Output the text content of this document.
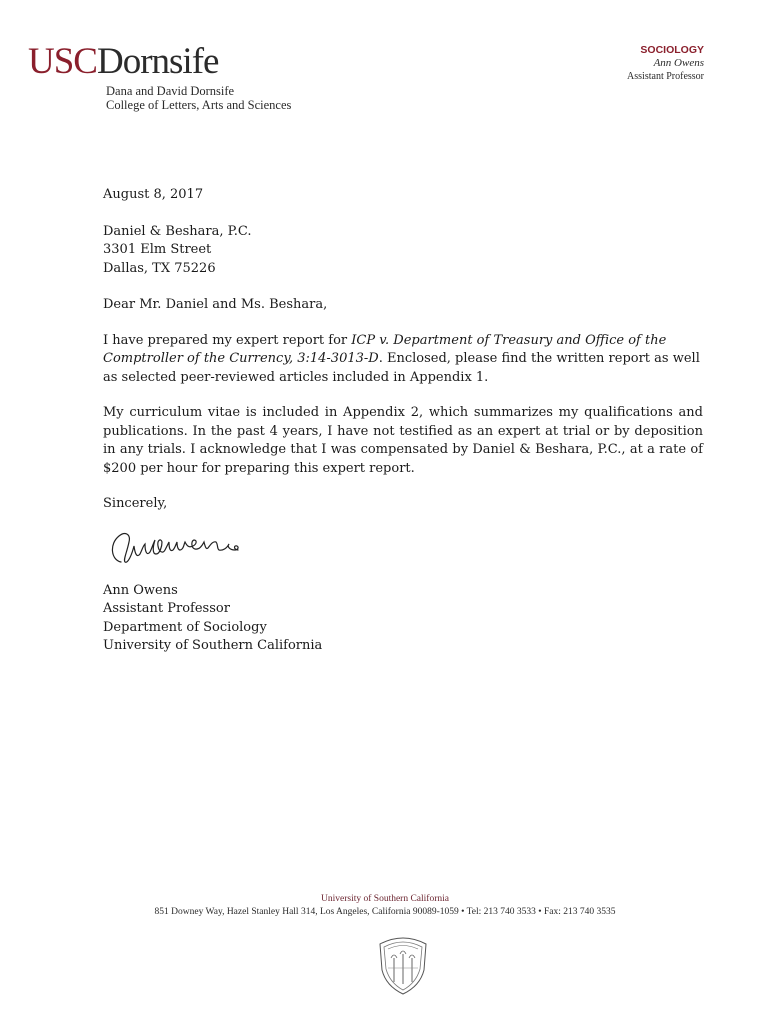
USCDornsife
Dana and David Dornsife
College of Letters, Arts and Sciences
SOCIOLOGY
Ann Owens
Assistant Professor

August 8, 2017

Daniel & Beshara, P.C.
3301 Elm Street
Dallas, TX 75226

Dear Mr. Daniel and Ms. Beshara,

I have prepared my expert report for ICP v. Department of Treasury and Office of the Comptroller of the Currency, 3:14-3013-D. Enclosed, please find the written report as well as selected peer-reviewed articles included in Appendix 1.

My curriculum vitae is included in Appendix 2, which summarizes my qualifications and publications. In the past 4 years, I have not testified as an expert at trial or by deposition in any trials. I acknowledge that I was compensated by Daniel & Beshara, P.C., at a rate of $200 per hour for preparing this expert report.

Sincerely,

Ann Owens
Assistant Professor
Department of Sociology
University of Southern California

University of Southern California
851 Downey Way, Hazel Stanley Hall 314, Los Angeles, California 90089-1059 • Tel: 213 740 3533 • Fax: 213 740 3535
